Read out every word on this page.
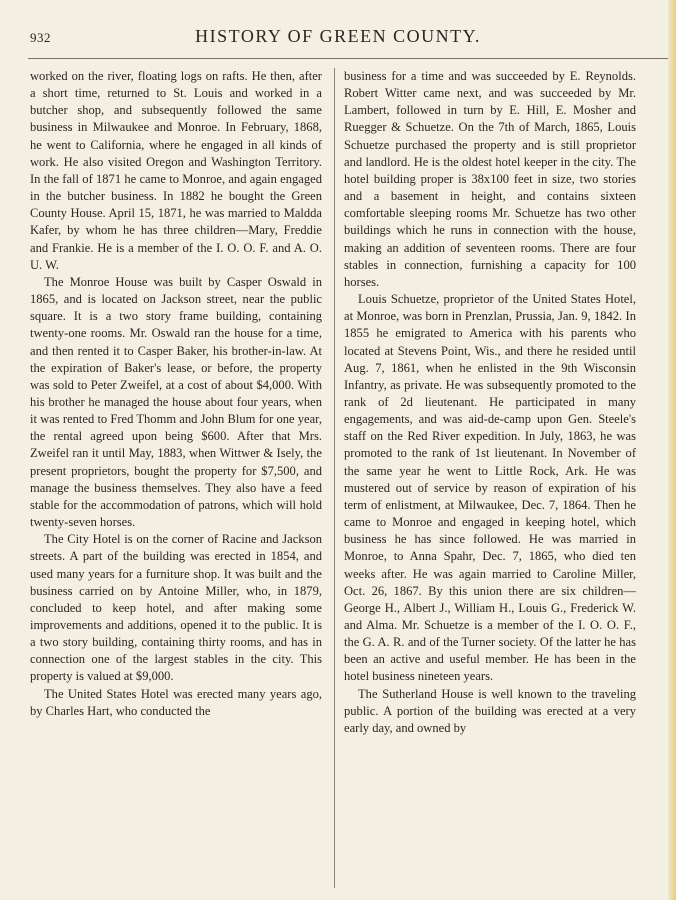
932	HISTORY OF GREEN COUNTY.

worked on the river, floating logs on rafts. He then, after a short time, returned to St. Louis and worked in a butcher shop, and subsequently followed the same business in Milwaukee and Monroe. In February, 1868, he went to California, where he engaged in all kinds of work. He also visited Oregon and Washington Territory. In the fall of 1871 he came to Monroe, and again engaged in the butcher business. In 1882 he bought the Green County House. April 15, 1871, he was married to Maldda Kafer, by whom he has three children—Mary, Freddie and Frankie. He is a member of the I. O. O. F. and A. O. U. W.

The Monroe House was built by Casper Oswald in 1865, and is located on Jackson street, near the public square. It is a two story frame building, containing twenty-one rooms. Mr. Oswald ran the house for a time, and then rented it to Casper Baker, his brother-in-law. At the expiration of Baker's lease, or before, the property was sold to Peter Zweifel, at a cost of about $4,000. With his brother he managed the house about four years, when it was rented to Fred Thomm and John Blum for one year, the rental agreed upon being $600. After that Mrs. Zweifel ran it until May, 1883, when Wittwer & Isely, the present proprietors, bought the property for $7,500, and manage the business themselves. They also have a feed stable for the accommodation of patrons, which will hold twenty-seven horses.

The City Hotel is on the corner of Racine and Jackson streets. A part of the building was erected in 1854, and used many years for a furniture shop. It was built and the business carried on by Antoine Miller, who, in 1879, concluded to keep hotel, and after making some improvements and additions, opened it to the public. It is a two story building, containing thirty rooms, and has in connection one of the largest stables in the city. This property is valued at $9,000.

The United States Hotel was erected many years ago, by Charles Hart, who conducted the

business for a time and was succeeded by E. Reynolds. Robert Witter came next, and was succeeded by Mr. Lambert, followed in turn by E. Hill, E. Mosher and Ruegger & Schuetze. On the 7th of March, 1865, Louis Schuetze purchased the property and is still proprietor and landlord. He is the oldest hotel keeper in the city. The hotel building proper is 38x100 feet in size, two stories and a basement in height, and contains sixteen comfortable sleeping rooms Mr. Schuetze has two other buildings which he runs in connection with the house, making an addition of seventeen rooms. There are four stables in connection, furnishing a capacity for 100 horses.

Louis Schuetze, proprietor of the United States Hotel, at Monroe, was born in Prenzlan, Prussia, Jan. 9, 1842. In 1855 he emigrated to America with his parents who located at Stevens Point, Wis., and there he resided until Aug. 7, 1861, when he enlisted in the 9th Wisconsin Infantry, as private. He was subsequently promoted to the rank of 2d lieutenant. He participated in many engagements, and was aid-de-camp upon Gen. Steele's staff on the Red River expedition. In July, 1863, he was promoted to the rank of 1st lieutenant. In November of the same year he went to Little Rock, Ark. He was mustered out of service by reason of expiration of his term of enlistment, at Milwaukee, Dec. 7, 1864. Then he came to Monroe and engaged in keeping hotel, which business he has since followed. He was married in Monroe, to Anna Spahr, Dec. 7, 1865, who died ten weeks after. He was again married to Caroline Miller, Oct. 26, 1867. By this union there are six children—George H., Albert J., William H., Louis G., Frederick W. and Alma. Mr. Schuetze is a member of the I. O. O. F., the G. A. R. and of the Turner society. Of the latter he has been an active and useful member. He has been in the hotel business nineteen years.

The Sutherland House is well known to the traveling public. A portion of the building was erected at a very early day, and owned by
